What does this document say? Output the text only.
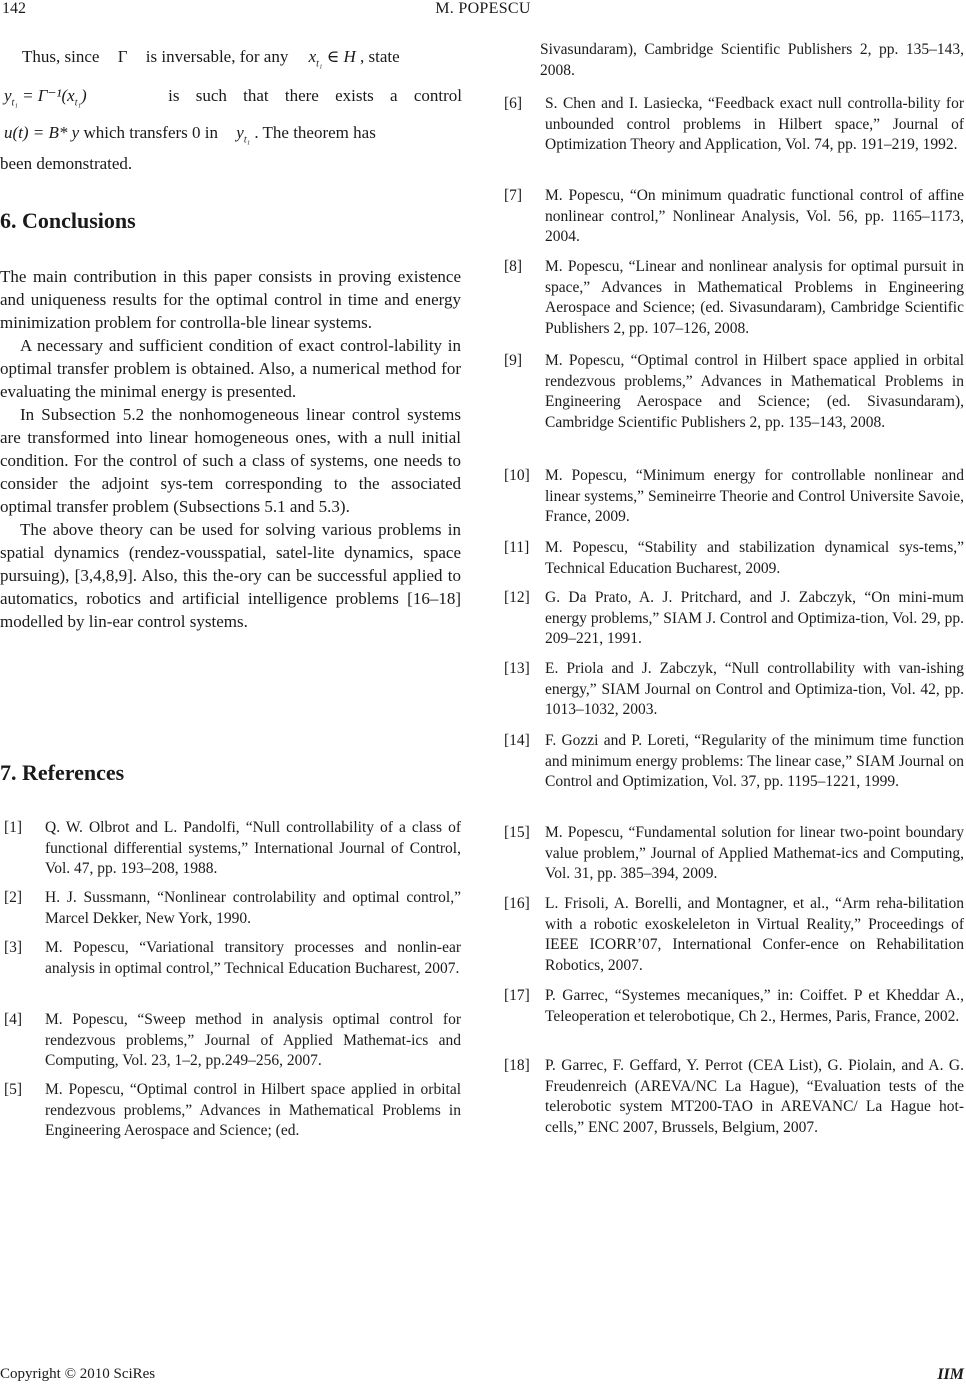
142	M. POPESCU
Thus, since Γ is inversable, for any $x_{t_1}$ ∈ H , state
$y_{t_1} = \Gamma^{-1}(x_{t_1})$	is such that there exists a control
u(t) = B* y which transfers 0 in $y_{t_1}$ . The theorem has
been demonstrated.
6. Conclusions

The main contribution in this paper consists in proving existence and uniqueness results for the optimal control in time and energy minimization problem for controlla-ble linear systems.

A necessary and sufficient condition of exact control-lability in optimal transfer problem is obtained. Also, a numerical method for evaluating the minimal energy is presented.

In Subsection 5.2 the nonhomogeneous linear control systems are transformed into linear homogeneous ones, with a null initial condition. For the control of such a class of systems, one needs to consider the adjoint sys-tem corresponding to the associated optimal transfer problem (Subsections 5.1 and 5.3).

The above theory can be used for solving various problems in spatial dynamics (rendez-vousspatial, satel-lite dynamics, space pursuing), [3,4,8,9]. Also, this the-ory can be successful applied to automatics, robotics and artificial intelligence problems [16–18] modelled by lin-ear control systems.

7. References
[1] Q. W. Olbrot and L. Pandolfi, “Null controllability of a class of functional differential systems,” International Journal of Control, Vol. 47, pp. 193–208, 1988.
[2] H. J. Sussmann, “Nonlinear controlability and optimal control,” Marcel Dekker, New York, 1990.
[3] M. Popescu, “Variational transitory processes and nonlin-ear analysis in optimal control,” Technical Education Bucharest, 2007.
[4] M. Popescu, “Sweep method in analysis optimal control for rendezvous problems,” Journal of Applied Mathemat-ics and Computing, Vol. 23, 1–2, pp.249–256, 2007.
[5] M. Popescu, “Optimal control in Hilbert space applied in orbital rendezvous problems,” Advances in Mathematical Problems in Engineering Aerospace and Science; (ed.
Sivasundaram), Cambridge Scientific Publishers 2, pp. 135–143, 2008.
[6] S. Chen and I. Lasiecka, “Feedback exact null controlla-bility for unbounded control problems in Hilbert space,” Journal of Optimization Theory and Application, Vol. 74, pp. 191–219, 1992.
[7] M. Popescu, “On minimum quadratic functional control of affine nonlinear control,” Nonlinear Analysis, Vol. 56, pp. 1165–1173, 2004.
[8] M. Popescu, “Linear and nonlinear analysis for optimal pursuit in space,” Advances in Mathematical Problems in Engineering Aerospace and Science; (ed. Sivasundaram), Cambridge Scientific Publishers 2, pp. 107–126, 2008.
[9] M. Popescu, “Optimal control in Hilbert space applied in orbital rendezvous problems,” Advances in Mathematical Problems in Engineering Aerospace and Science; (ed. Sivasundaram), Cambridge Scientific Publishers 2, pp. 135–143, 2008.
[10] M. Popescu, “Minimum energy for controllable nonlinear and linear systems,” Semineirre Theorie and Control Universite Savoie, France, 2009.
[11] M. Popescu, “Stability and stabilization dynamical sys-tems,” Technical Education Bucharest, 2009.
[12] G. Da Prato, A. J. Pritchard, and J. Zabczyk, “On mini-mum energy problems,” SIAM J. Control and Optimiza-tion, Vol. 29, pp. 209–221, 1991.
[13] E. Priola and J. Zabczyk, “Null controllability with van-ishing energy,” SIAM Journal on Control and Optimiza-tion, Vol. 42, pp. 1013–1032, 2003.
[14] F. Gozzi and P. Loreti, “Regularity of the minimum time function and minimum energy problems: The linear case,” SIAM Journal on Control and Optimization, Vol. 37, pp. 1195–1221, 1999.
[15] M. Popescu, “Fundamental solution for linear two-point boundary value problem,” Journal of Applied Mathemat-ics and Computing, Vol. 31, pp. 385–394, 2009.
[16] L. Frisoli, A. Borelli, and Montagner, et al., “Arm reha-bilitation with a robotic exoskeleleton in Virtual Reality,” Proceedings of IEEE ICORR’07, International Confer-ence on Rehabilitation Robotics, 2007.
[17] P. Garrec, “Systemes mecaniques,” in: Coiffet. P et Kheddar A., Teleoperation et telerobotique, Ch 2., Hermes, Paris, France, 2002.
[18] P. Garrec, F. Geffard, Y. Perrot (CEA List), G. Piolain, and A. G. Freudenreich (AREVA/NC La Hague), “Evaluation tests of the telerobotic system MT200-TAO in AREVANC/ La Hague hot-cells,” ENC 2007, Brussels, Belgium, 2007.
Copyright © 2010 SciRes	IIM
